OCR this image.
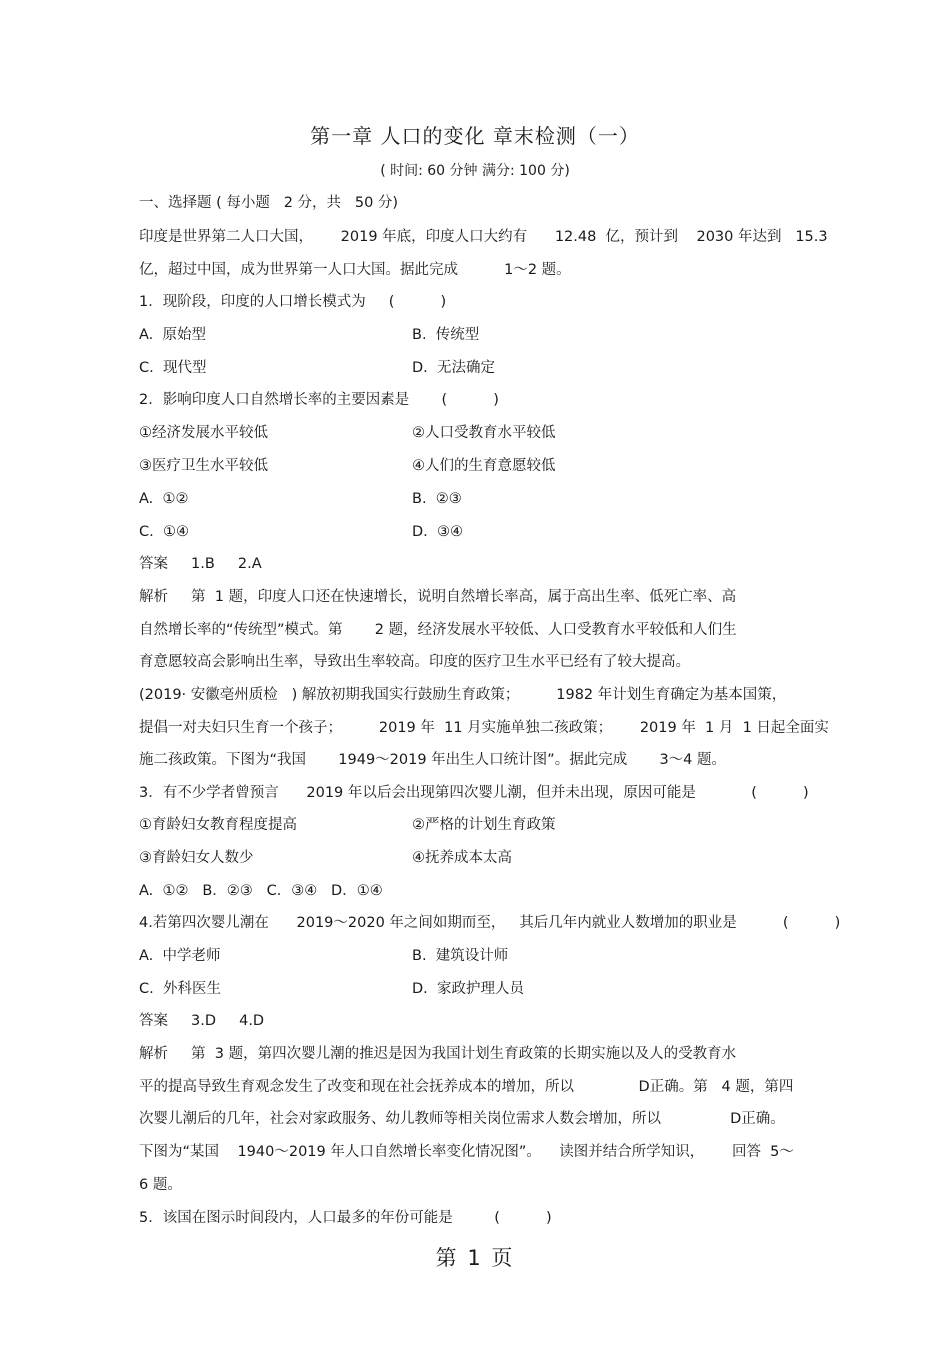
第一章 人口的变化 章末检测（一）
( 时间: 60 分钟 满分: 100 分)
一、选择题 ( 每小题   2 分，共   50 分)
印度是世界第二人口大国，      2019 年底，印度人口大约有      12.48  亿，预计到    2030 年达到   15.3
亿，超过中国，成为世界第一人口大国。据此完成          1～2 题。
1．现阶段，印度的人口增长模式为     (          )
A.  原始型	B.  传统型
C.  现代型	D.  无法确定
2．影响印度人口自然增长率的主要因素是       (          )
①经济发展水平较低	②人口受教育水平较低
③医疗卫生水平较低	④人们的生育意愿较低
A.  ①②	B.  ②③
C.  ①④	D.  ③④
答案     1.B     2.A
解析     第  1 题，印度人口还在快速增长，说明自然增长率高，属于高出生率、低死亡率、高
自然增长率的“传统型”模式。第       2 题，经济发展水平较低、人口受教育水平较低和人们生
育意愿较高会影响出生率，导致出生率较高。印度的医疗卫生水平已经有了较大提高。
(2019· 安徽亳州质检   ) 解放初期我国实行鼓励生育政策；        1982 年计划生育确定为基本国策，
提倡一对夫妇只生育一个孩子；        2019 年  11 月实施单独二孩政策；      2019 年  1 月  1 日起全面实
施二孩政策。下图为“我国       1949～2019 年出生人口统计图”。据此完成       3～4 题。
3．有不少学者曾预言      2019 年以后会出现第四次婴儿潮，但并未出现，原因可能是            (          )
①育龄妇女教育程度提高	②严格的计划生育政策
③育龄妇女人数少	④抚养成本太高
A.  ①②   B．②③   C．③④   D．①④
4.若第四次婴儿潮在      2019～2020 年之间如期而至，   其后几年内就业人数增加的职业是          (          )
A.  中学老师	B.  建筑设计师
C.  外科医生	D.  家政护理人员
答案     3.D     4.D
解析     第  3 题，第四次婴儿潮的推迟是因为我国计划生育政策的长期实施以及人的受教育水
平的提高导致生育观念发生了改变和现在社会抚养成本的增加，所以              D正确。第   4 题，第四
次婴儿潮后的几年，社会对家政服务、幼儿教师等相关岗位需求人数会增加，所以               D正确。
下图为“某国    1940～2019 年人口自然增长率变化情况图”。    读图并结合所学知识，      回答  5～
6 题。
5．该国在图示时间段内，人口最多的年份可能是         (          )
第 1 页
